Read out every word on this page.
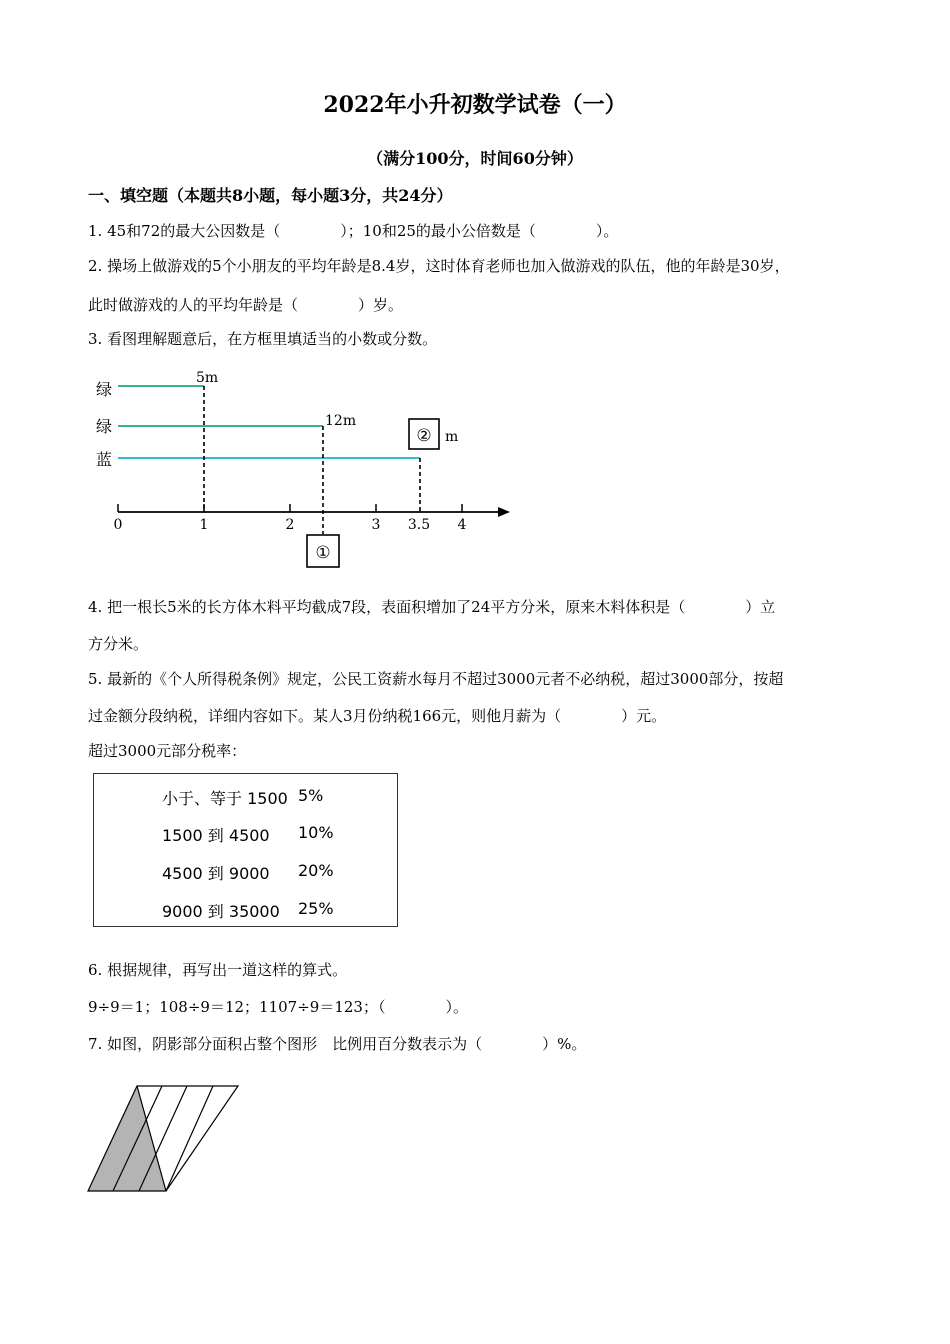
2022年小升初数学试卷（一）
（满分100分，时间60分钟）
一、填空题（本题共8小题，每小题3分，共24分）
1. 45和72的最大公因数是（　　　　）；10和25的最小公倍数是（　　　　）。
2. 操场上做游戏的5个小朋友的平均年龄是8.4岁，这时体育老师也加入做游戏的队伍，他的年龄是30岁，
此时做游戏的人的平均年龄是（　　　　）岁。
3. 看图理解题意后，在方框里填适当的小数或分数。
绿
绿
蓝
5m
12m
② m
0	1	2	3 3.5 4
①
4. 把一根长5米的长方体木料平均截成7段，表面积增加了24平方分米，原来木料体积是（　　　　）立
方分米。
5. 最新的《个人所得税条例》规定，公民工资薪水每月不超过3000元者不必纳税，超过3000部分，按超
过金额分段纳税，详细内容如下。某人3月份纳税166元，则他月薪为（　　　　）元。
超过3000元部分税率：
小于、等于 1500 5%
1500 到 4500 10%
4500 到 9000 20%
9000 到 35000 25%
6. 根据规律，再写出一道这样的算式。
9÷9＝1；108÷9＝12；1107÷9＝123；（　　　　）。
7. 如图，阴影部分面积占整个图形　比例用百分数表示为（　　　　）%。
